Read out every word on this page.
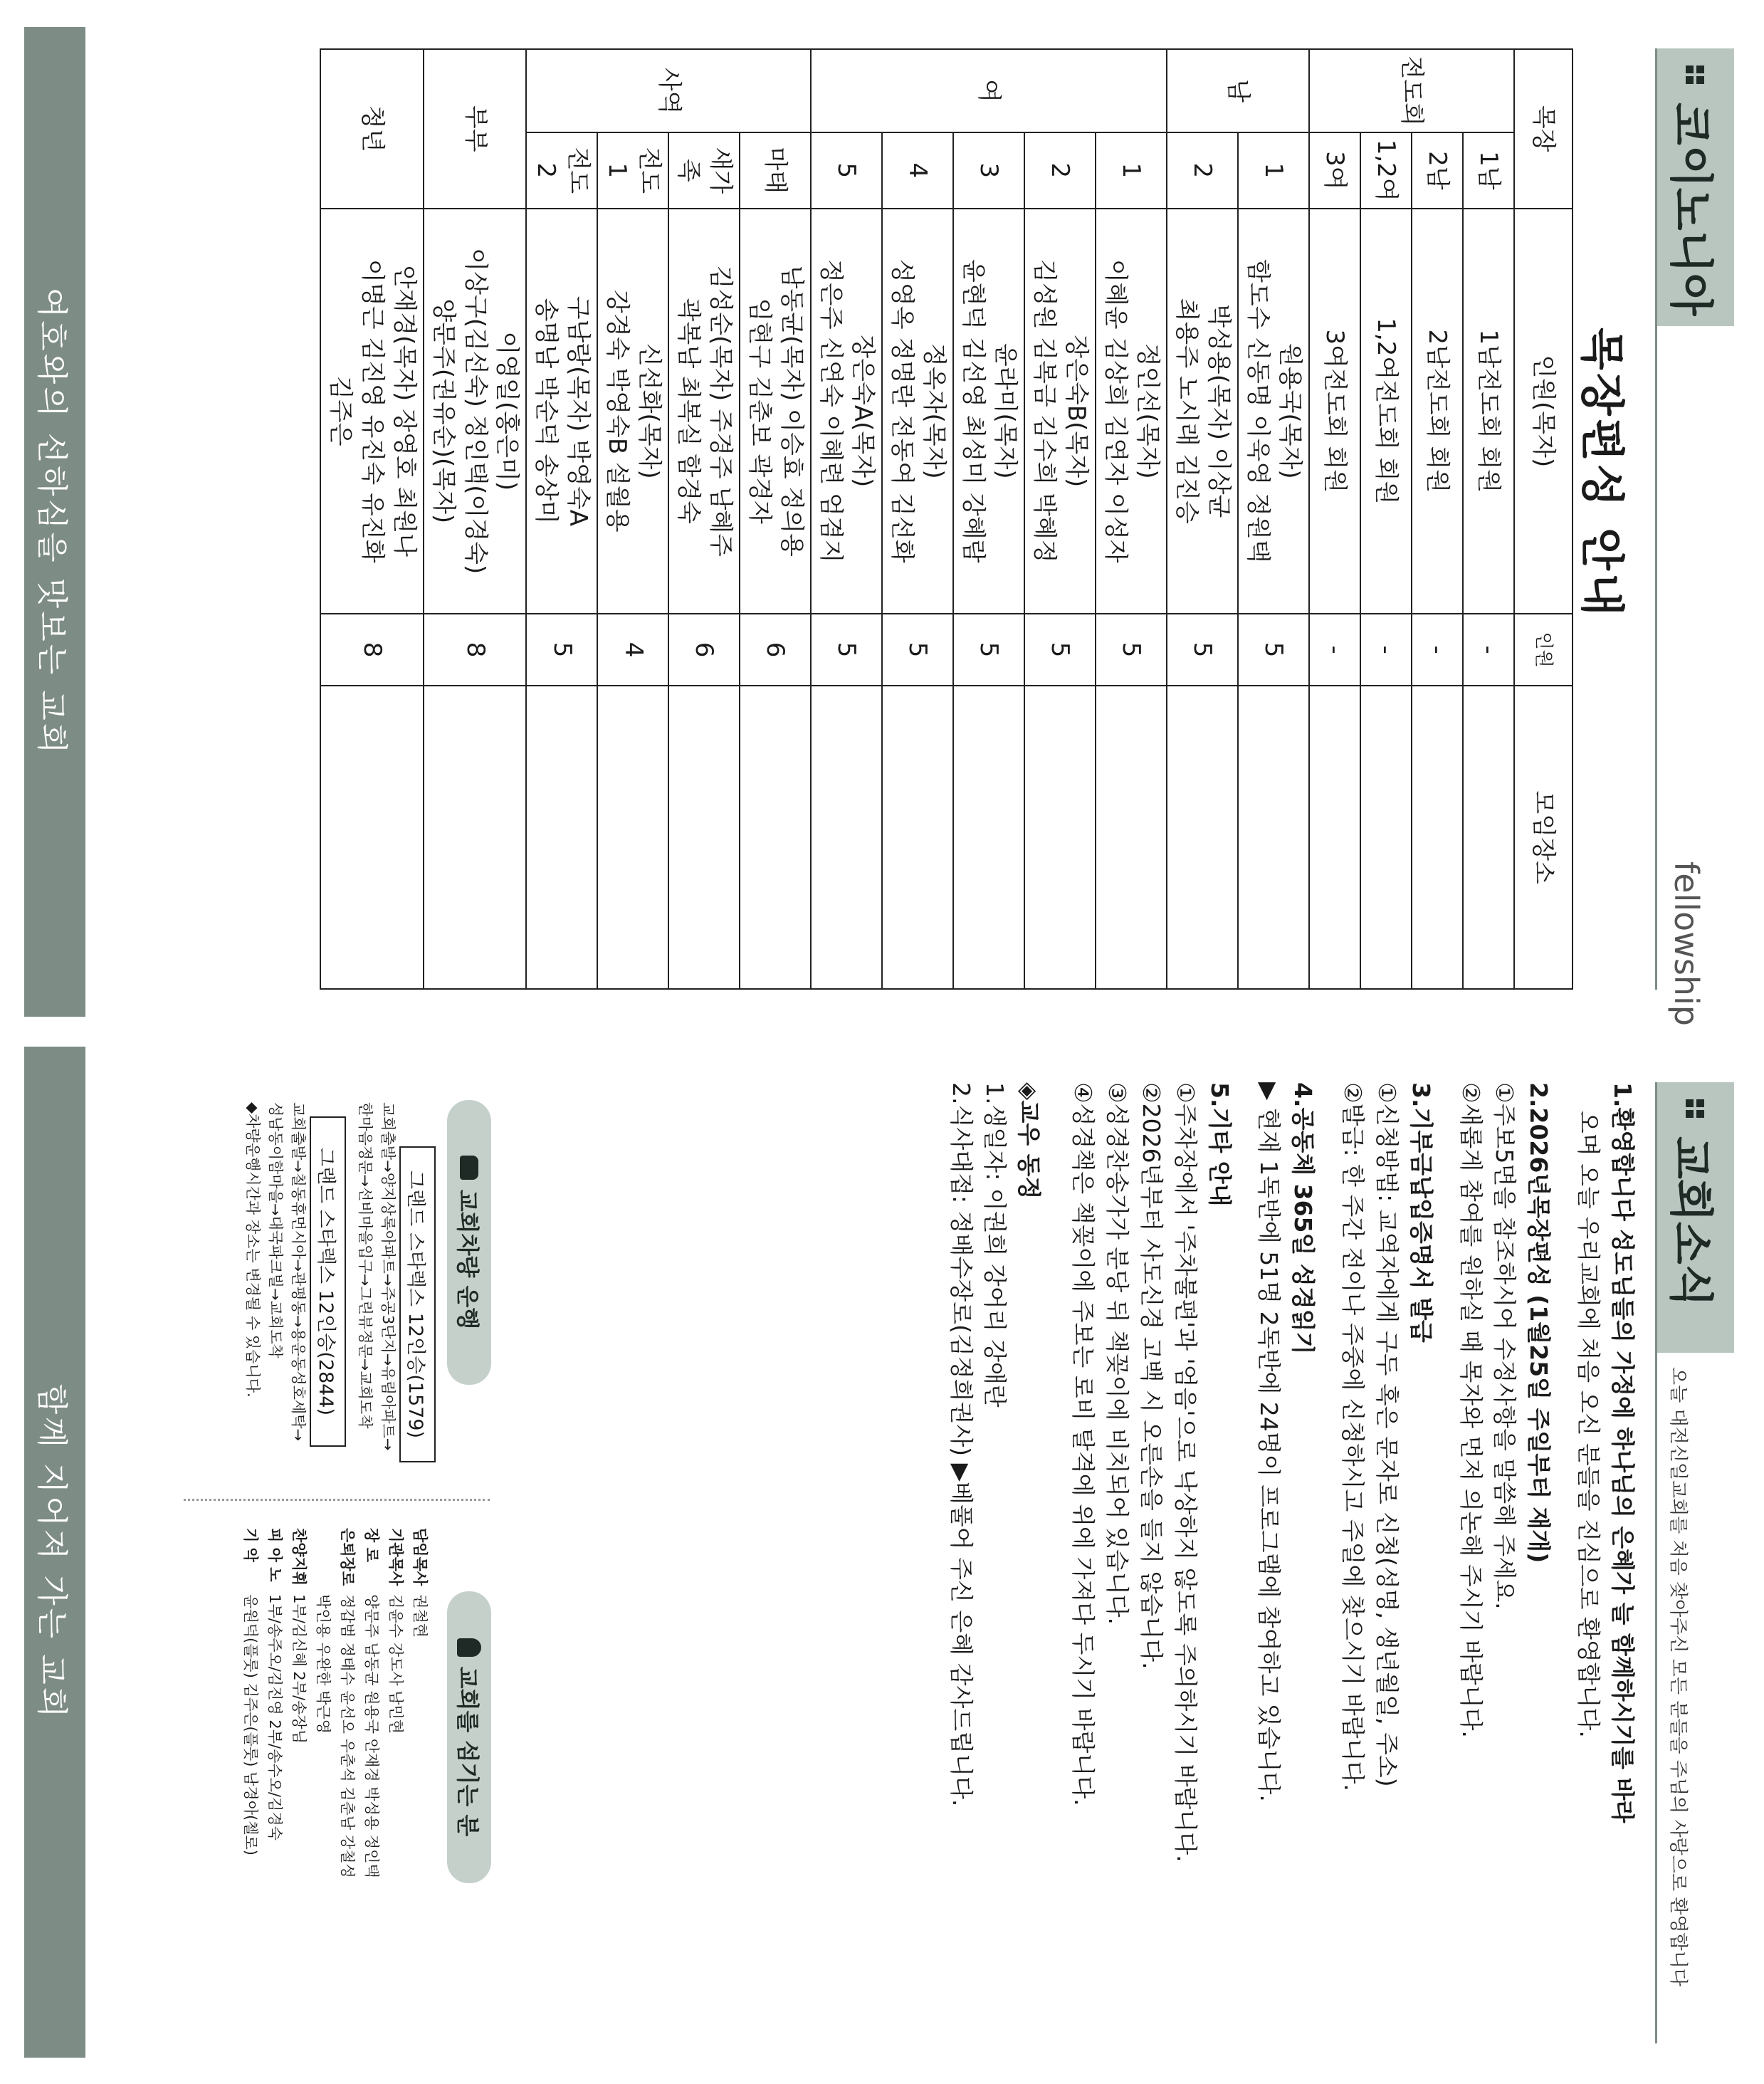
코이노니아
fellowship
목장편성 안내
목장		인원(목자)	인원	모임장소
전도회	1남	1남전도회 회원	-	
	2남	2남전도회 회원	-	
	1,2여	1,2여전도회 회원	-	
	3여	3여전도회 회원	-	
남	1	원용국(목자)
함도수 신동명 이욱영 정원택	5	
	2	박성용(목자) 이상균
최용주 노시래 김진승	5	
여	1	정인선(목자)
이혜윤 김상희 김연자 이성자	5	
	2	장은숙B(목자)
김성원 김복금 김수희 박혜정	5	
	3	윤라미(목자)
윤현덕 김선영 최성미 강혜람	5	
	4	정옥자(목자)
성영옥 정명란 전동여 김선화	5	
	5	장은숙A(목자)
정은주 신연숙 이혜련 엄겸지	5	
사역	마태	남동균(목자) 이승효 정의용
임현구 김춘보 곽경자	6	
	새가족	김성순(목자) 주경주 남혜주
곽복남 최복실 함경숙	6	
	전도 1	신선화(목자)
강경숙 박영숙B 설월용	4	
	전도 2	구남랑(목자) 박영숙A
송명남 박순덕 송상미	5	
부부		이영일(홍은미)
이상구(김선숙) 정인택(이경숙)
양문주(권유순)(목자)	8	
청년		안재경(목자) 장영호 최원나
이명근 김진영 유진숙 유진화
김주은	8	
교회소식
오늘 대전신일교회를 처음 찾아주신 모든 분들을 주님의 사랑으로 환영합니다
1.환영합니다 성도님들의 가정에 하나님의 은혜가 늘 함께하시기를 바라
오며 오늘 우리교회에 처음 오신 분들을 진심으로 환영합니다.
2.2026년목장편성 (1월25일 주일부터 재개)
①주보5면을 참조하시어 수정사항을 말씀해 주세요.
②새롭게 참여를 원하실 때 목자와 먼저 의논해 주시기 바랍니다.
3.기부금납입증명서 발급
①신청방법: 교역자에게 구두 혹은 문자로 신청(성명, 생년월일, 주소)
②발급: 한 주간 전이나 주중에 신청하시고 주일에 찾으시기 바랍니다.
4.공동체 365일 성경읽기
▶ 현재 1독반에 51명 2독반에 24명이 프로그램에 참여하고 있습니다.
5.기타 안내
①주차장에서 '주차불편'과 '엄음'으로 낙상하지 않도록 주의하시기 바랍니다.
②2026년부터 사도신경 고백 시 오른손을 들지 않습니다.
③성경찬송가가 분당 뒤 책꽂이에 비치되어 있습니다.
④성경책은 책꽂이에 주보는 로비 탈격에 위에 가져다 두시기 바랍니다.
◈교우 동정
1.생일자: 이권희 강어리 강애란
2.식사대접: 정배수장로(김정희권사) ▶베풀어 주신 은혜 감사드립니다.
교회차량 운행
그랜드 스타렉스 12인승(1579)
교회출발→양지상록아파트→주공3단지→유림아파트→
한마음정문→선비마을입구→그린뷰정문→교회도착
그랜드 스타렉스 12인승(2844)
교회출발→칠동휴먼시아→관평동→용운동성호세탁→
성남동이함마을→대국파크빌→교회도착
◆차량운행시간과 장소는 변경될 수 있습니다.
교회를 섬기는 분
담임목사	권철현
기관목사	김윤수 강도사 남민현
장 로	양문주 남동균 원용국 안재경 박성용 정인택
은퇴장로	정갑범 정태수 윤선오 우춘석 김춘남 강철성
	박인용 우완한 박근영
찬양지휘	1부/김신혜 2부/송장님
피 아 노	1부/송주오/김진영 2부/송수오/김경숙
기 악	윤원덕(플룻) 김주은(플룻) 남경아(첼로)
여호와의 선하심을 맛보는 교회
함께 지어져 가는 교회
